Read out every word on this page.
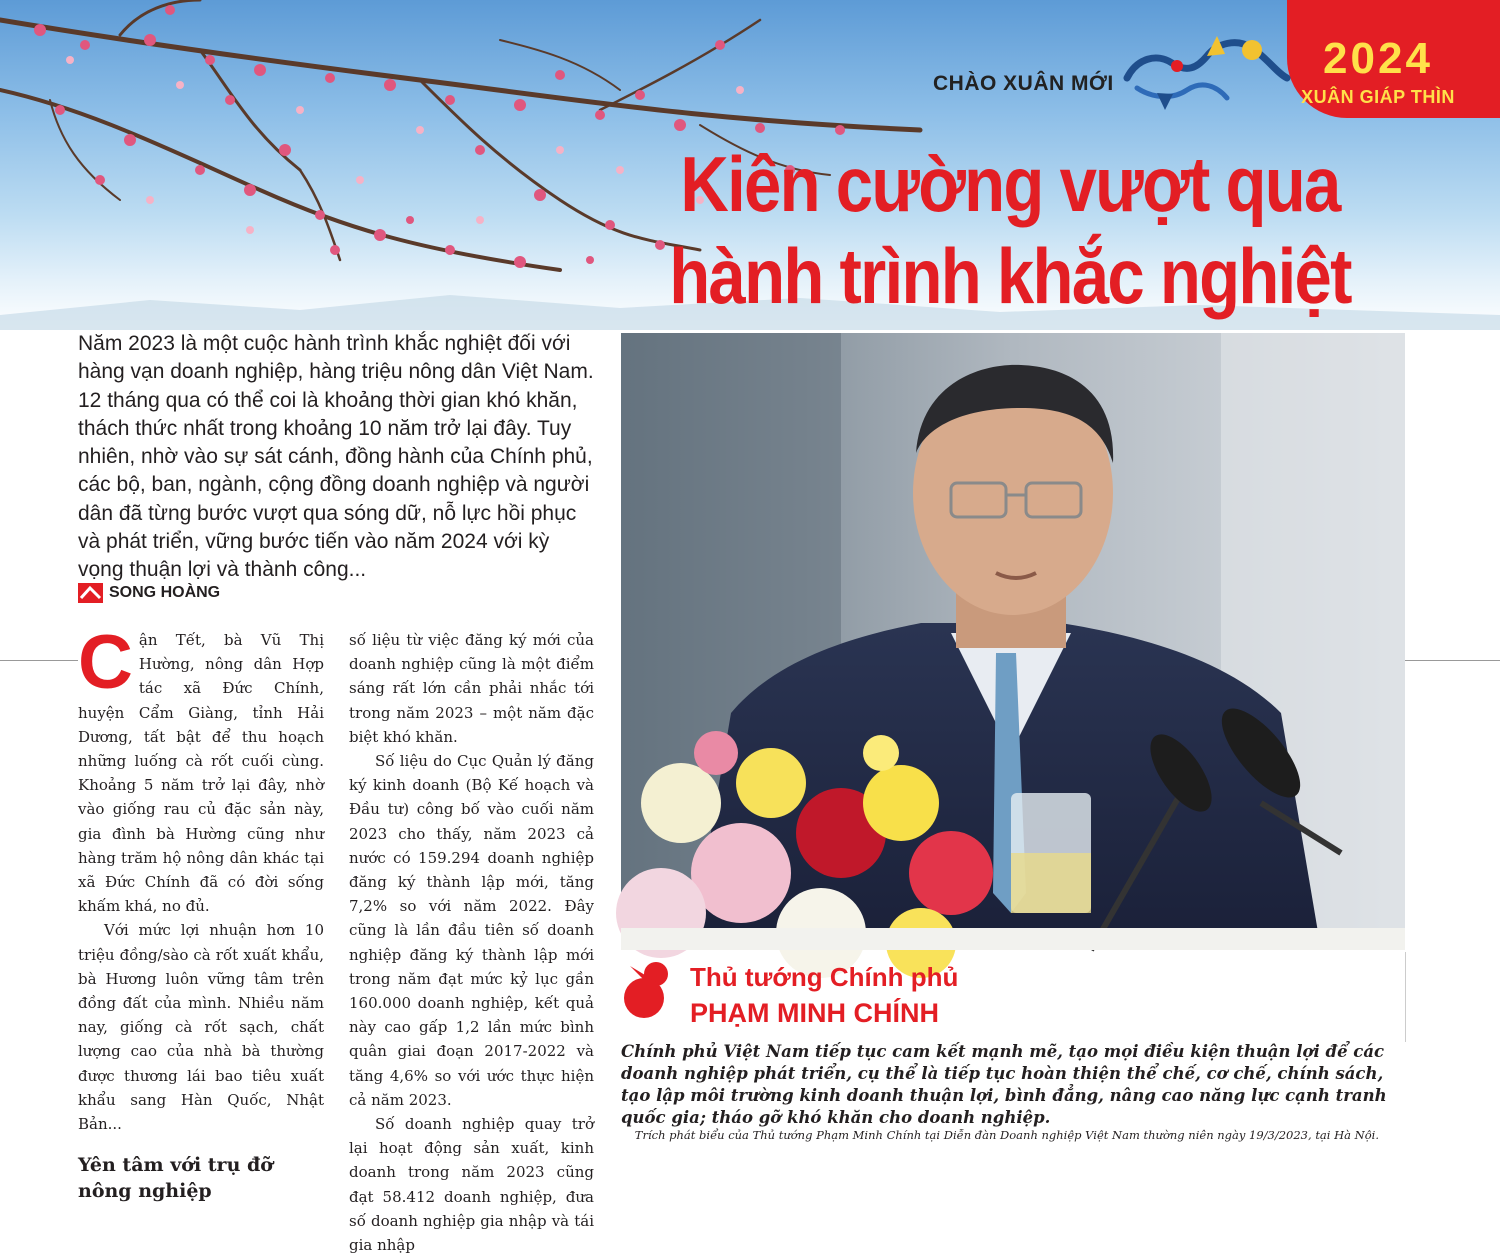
CHÀO XUÂN MỚI
2024
XUÂN GIÁP THÌN
Kiên cường vượt qua hành trình khắc nghiệt
Năm 2023 là một cuộc hành trình khắc nghiệt đối với hàng vạn doanh nghiệp, hàng triệu nông dân Việt Nam. 12 tháng qua có thể coi là khoảng thời gian khó khăn, thách thức nhất trong khoảng 10 năm trở lại đây. Tuy nhiên, nhờ vào sự sát cánh, đồng hành của Chính phủ, các bộ, ban, ngành, cộng đồng doanh nghiệp và người dân đã từng bước vượt qua sóng dữ, nỗ lực hồi phục và phát triển, vững bước tiến vào năm 2024 với kỳ vọng thuận lợi và thành công...
SONG HOÀNG

Cận Tết, bà Vũ Thị Hường, nông dân Hợp tác xã Đức Chính, huyện Cẩm Giàng, tỉnh Hải Dương, tất bật để thu hoạch những luống cà rốt cuối cùng. Khoảng 5 năm trở lại đây, nhờ vào giống rau củ đặc sản này, gia đình bà Hường cũng như hàng trăm hộ nông dân khác tại xã Đức Chính đã có đời sống khấm khá, no đủ.

Với mức lợi nhuận hơn 10 triệu đồng/sào cà rốt xuất khẩu, bà Hương luôn vững tâm trên đồng đất của mình. Nhiều năm nay, giống cà rốt sạch, chất lượng cao của nhà bà thường được thương lái bao tiêu xuất khẩu sang Hàn Quốc, Nhật Bản...

Yên tâm với trụ đỡ nông nghiệp

số liệu từ việc đăng ký mới của doanh nghiệp cũng là một điểm sáng rất lớn cần phải nhắc tới trong năm 2023 – một năm đặc biệt khó khăn.

Số liệu do Cục Quản lý đăng ký kinh doanh (Bộ Kế hoạch và Đầu tư) công bố vào cuối năm 2023 cho thấy, năm 2023 cả nước có 159.294 doanh nghiệp đăng ký thành lập mới, tăng 7,2% so với năm 2022. Đây cũng là lần đầu tiên số doanh nghiệp đăng ký thành lập mới trong năm đạt mức kỷ lục gần 160.000 doanh nghiệp, kết quả này cao gấp 1,2 lần mức bình quân giai đoạn 2017-2022 và tăng 4,6% so với ước thực hiện cả năm 2023.

Số doanh nghiệp quay trở lại hoạt động sản xuất, kinh doanh trong năm 2023 cũng đạt 58.412 doanh nghiệp, đưa số doanh nghiệp gia nhập và tái gia nhập

Thủ tướng Chính phủ
PHẠM MINH CHÍNH
Chính phủ Việt Nam tiếp tục cam kết mạnh mẽ, tạo mọi điều kiện thuận lợi để các doanh nghiệp phát triển, cụ thể là tiếp tục hoàn thiện thể chế, cơ chế, chính sách, tạo lập môi trường kinh doanh thuận lợi, bình đẳng, nâng cao năng lực cạnh tranh quốc gia; tháo gỡ khó khăn cho doanh nghiệp.
Trích phát biểu của Thủ tướng Phạm Minh Chính tại Diễn đàn Doanh nghiệp Việt Nam thường niên ngày 19/3/2023, tại Hà Nội.
